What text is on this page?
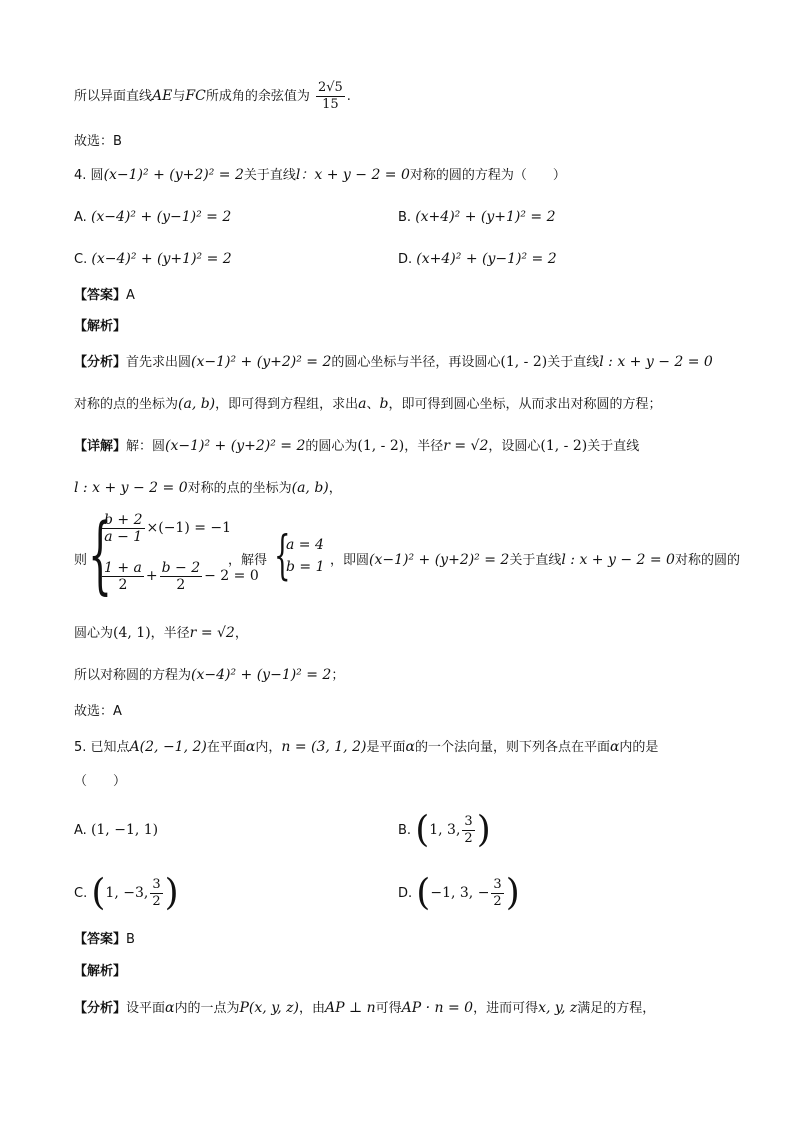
所以异面直线AE与FC所成角的余弦值为 $\frac{2√5}{15}$ .
故选：B
4. 圆(x−1)² + (y+2)² = 2关于直线l：x + y − 2 = 0对称的圆的方程为（　　）
A. (x−4)² + (y−1)² = 2	B. (x+4)² + (y+1)² = 2
C. (x−4)² + (y+1)² = 2	D. (x+4)² + (y−1)² = 2
【答案】A
【解析】
【分析】首先求出圆(x−1)² + (y+2)² = 2的圆心坐标与半径，再设圆心(1, - 2)关于直线l : x + y − 2 = 0
对称的点的坐标为(a, b)，即可得到方程组，求出a、b，即可得到圆心坐标，从而求出对称圆的方程；
【详解】解：圆(x−1)² + (y+2)² = 2的圆心为(1, - 2)，半径r = √2，设圆心(1, - 2)关于直线
l : x + y − 2 = 0对称的点的坐标为(a, b)，
则 {
$\frac{b + 2}{a - 1} \times(-1) = -1$
$\frac{1 + a}{2} + \frac{b - 2}{2} - 2 = 0$
，解得 {
a = 4
b = 1 ，即圆(x−1)² + (y+2)² = 2关于直线l : x + y − 2 = 0对称的圆的
圆心为(4, 1)，半径r = √2，
所以对称圆的方程为(x−4)² + (y−1)² = 2；
故选：A
5. 已知点A(2, −1, 2)在平面α内，n = (3, 1, 2)是平面α的一个法向量，则下列各点在平面α内的是
（　　）
A. (1, −1, 1)	B. (1, 3, $\frac{3}{2}$ )
C. (1, −3, $\frac{3}{2}$ )	D. (−1, 3, − $\frac{3}{2}$ )
【答案】B
【解析】
【分析】设平面α内的一点为P(x, y, z)，由AP ⊥ n可得AP · n = 0，进而可得x, y, z满足的方程，
